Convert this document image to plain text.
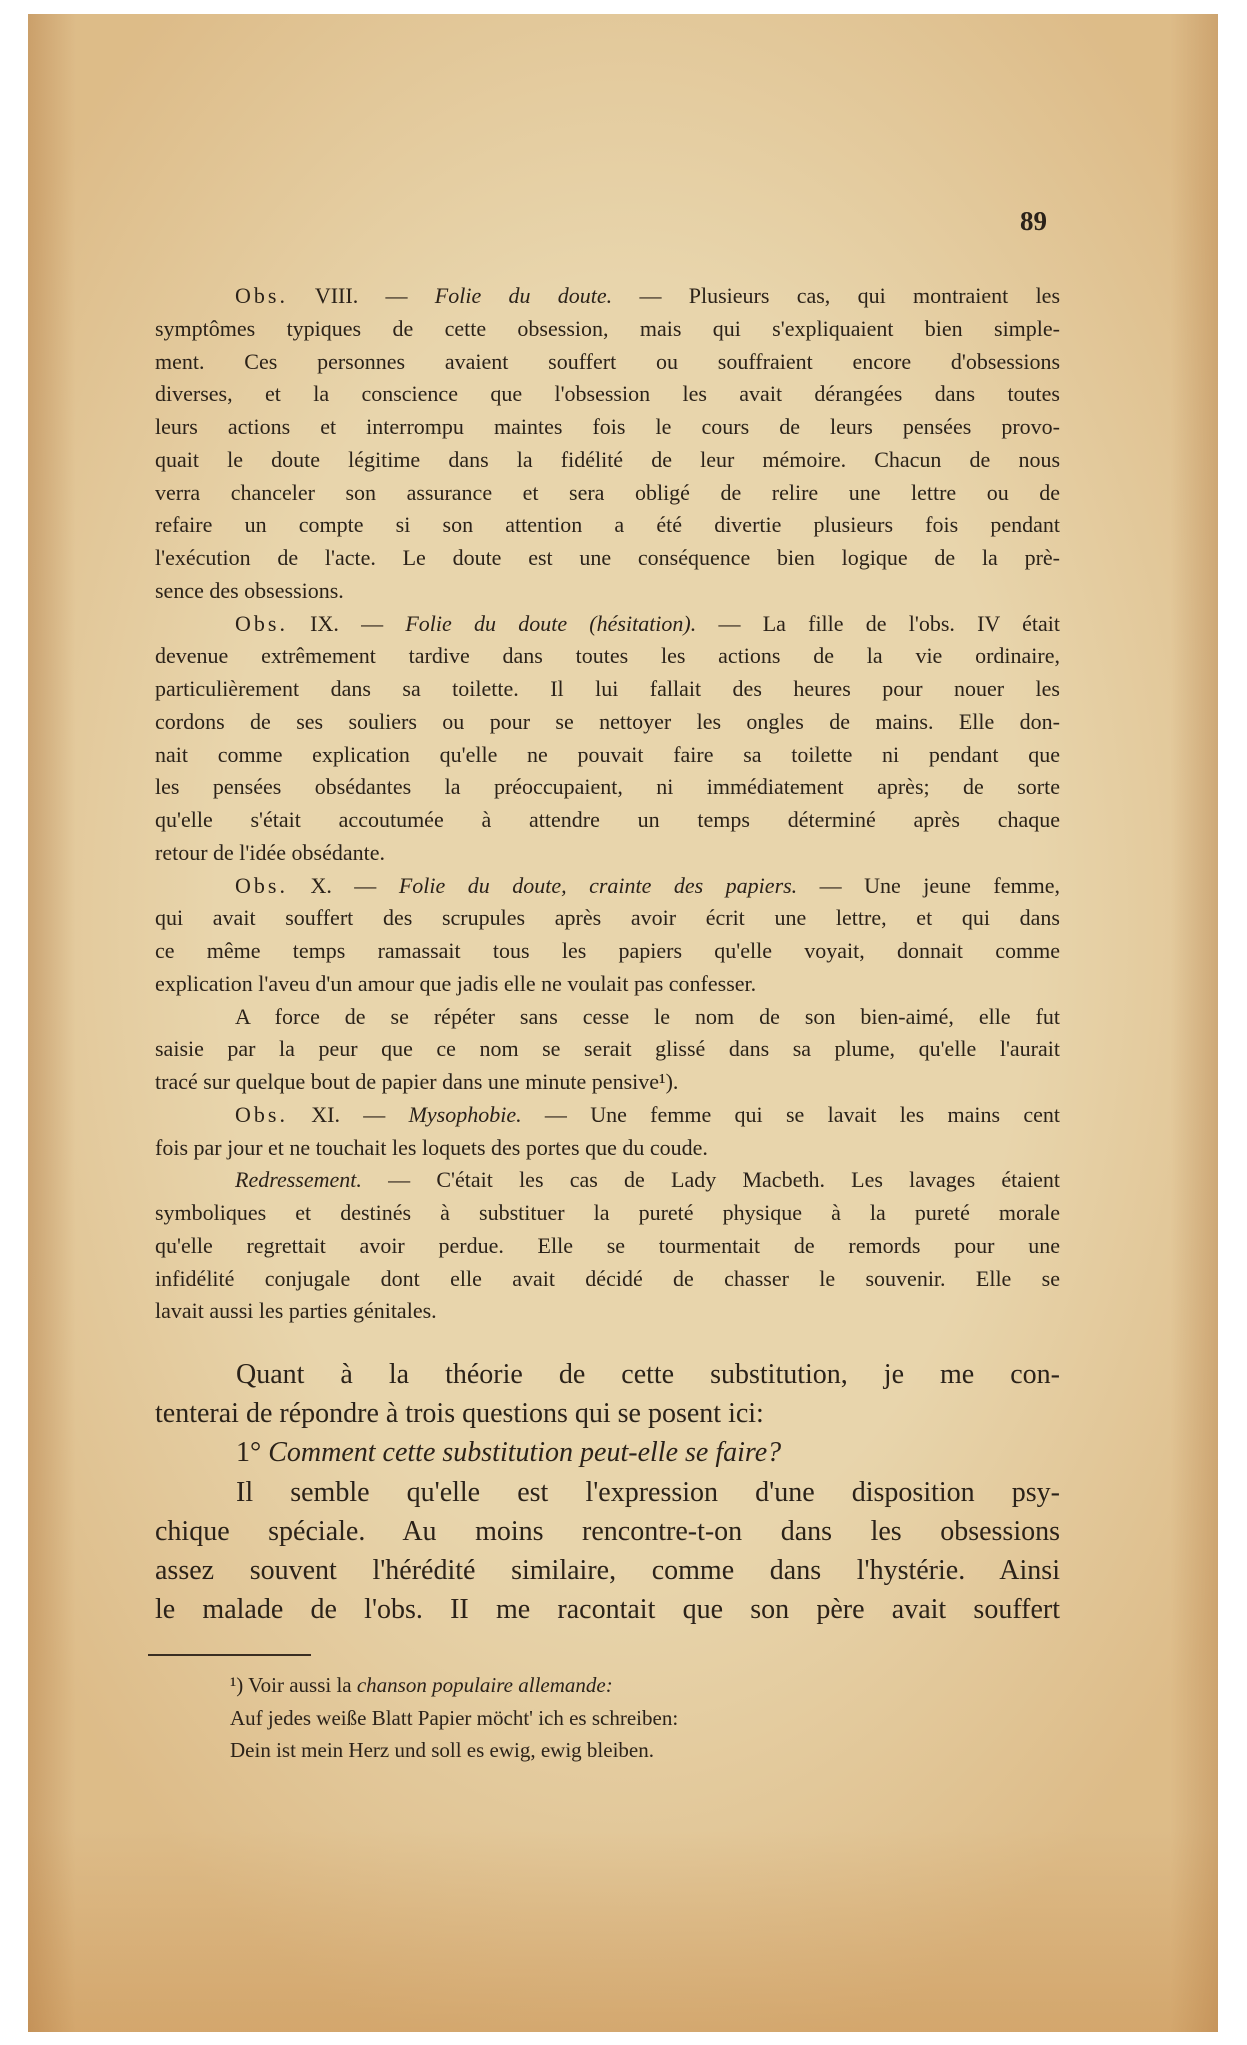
89
Obs. VIII. — Folie du doute. — Plusieurs cas, qui montraient les
symptômes typiques de cette obsession, mais qui s'expliquaient bien simple-
ment. Ces personnes avaient souffert ou souffraient encore d'obsessions
diverses, et la conscience que l'obsession les avait dérangées dans toutes
leurs actions et interrompu maintes fois le cours de leurs pensées provo-
quait le doute légitime dans la fidélité de leur mémoire. Chacun de nous
verra chanceler son assurance et sera obligé de relire une lettre ou de
refaire un compte si son attention a été divertie plusieurs fois pendant
l'exécution de l'acte. Le doute est une conséquence bien logique de la prè-
sence des obsessions.
Obs. IX. — Folie du doute (hésitation). — La fille de l'obs. IV était
devenue extrêmement tardive dans toutes les actions de la vie ordinaire,
particulièrement dans sa toilette. Il lui fallait des heures pour nouer les
cordons de ses souliers ou pour se nettoyer les ongles de mains. Elle don-
nait comme explication qu'elle ne pouvait faire sa toilette ni pendant que
les pensées obsédantes la préoccupaient, ni immédiatement après; de sorte
qu'elle s'était accoutumée à attendre un temps déterminé après chaque
retour de l'idée obsédante.
Obs. X. — Folie du doute, crainte des papiers. — Une jeune femme,
qui avait souffert des scrupules après avoir écrit une lettre, et qui dans
ce même temps ramassait tous les papiers qu'elle voyait, donnait comme
explication l'aveu d'un amour que jadis elle ne voulait pas confesser.
A force de se répéter sans cesse le nom de son bien-aimé, elle fut
saisie par la peur que ce nom se serait glissé dans sa plume, qu'elle l'aurait
tracé sur quelque bout de papier dans une minute pensive¹).
Obs. XI. — Mysophobie. — Une femme qui se lavait les mains cent
fois par jour et ne touchait les loquets des portes que du coude.
Redressement. — C'était les cas de Lady Macbeth. Les lavages étaient
symboliques et destinés à substituer la pureté physique à la pureté morale
qu'elle regrettait avoir perdue. Elle se tourmentait de remords pour une
infidélité conjugale dont elle avait décidé de chasser le souvenir. Elle se
lavait aussi les parties génitales.
Quant à la théorie de cette substitution, je me con-
tenterai de répondre à trois questions qui se posent ici:
1° Comment cette substitution peut-elle se faire?
Il semble qu'elle est l'expression d'une disposition psy-
chique spéciale. Au moins rencontre-t-on dans les obsessions
assez souvent l'hérédité similaire, comme dans l'hystérie. Ainsi
le malade de l'obs. II me racontait que son père avait souffert
¹) Voir aussi la chanson populaire allemande:
Auf jedes weiße Blatt Papier möcht' ich es schreiben:
Dein ist mein Herz und soll es ewig, ewig bleiben.
